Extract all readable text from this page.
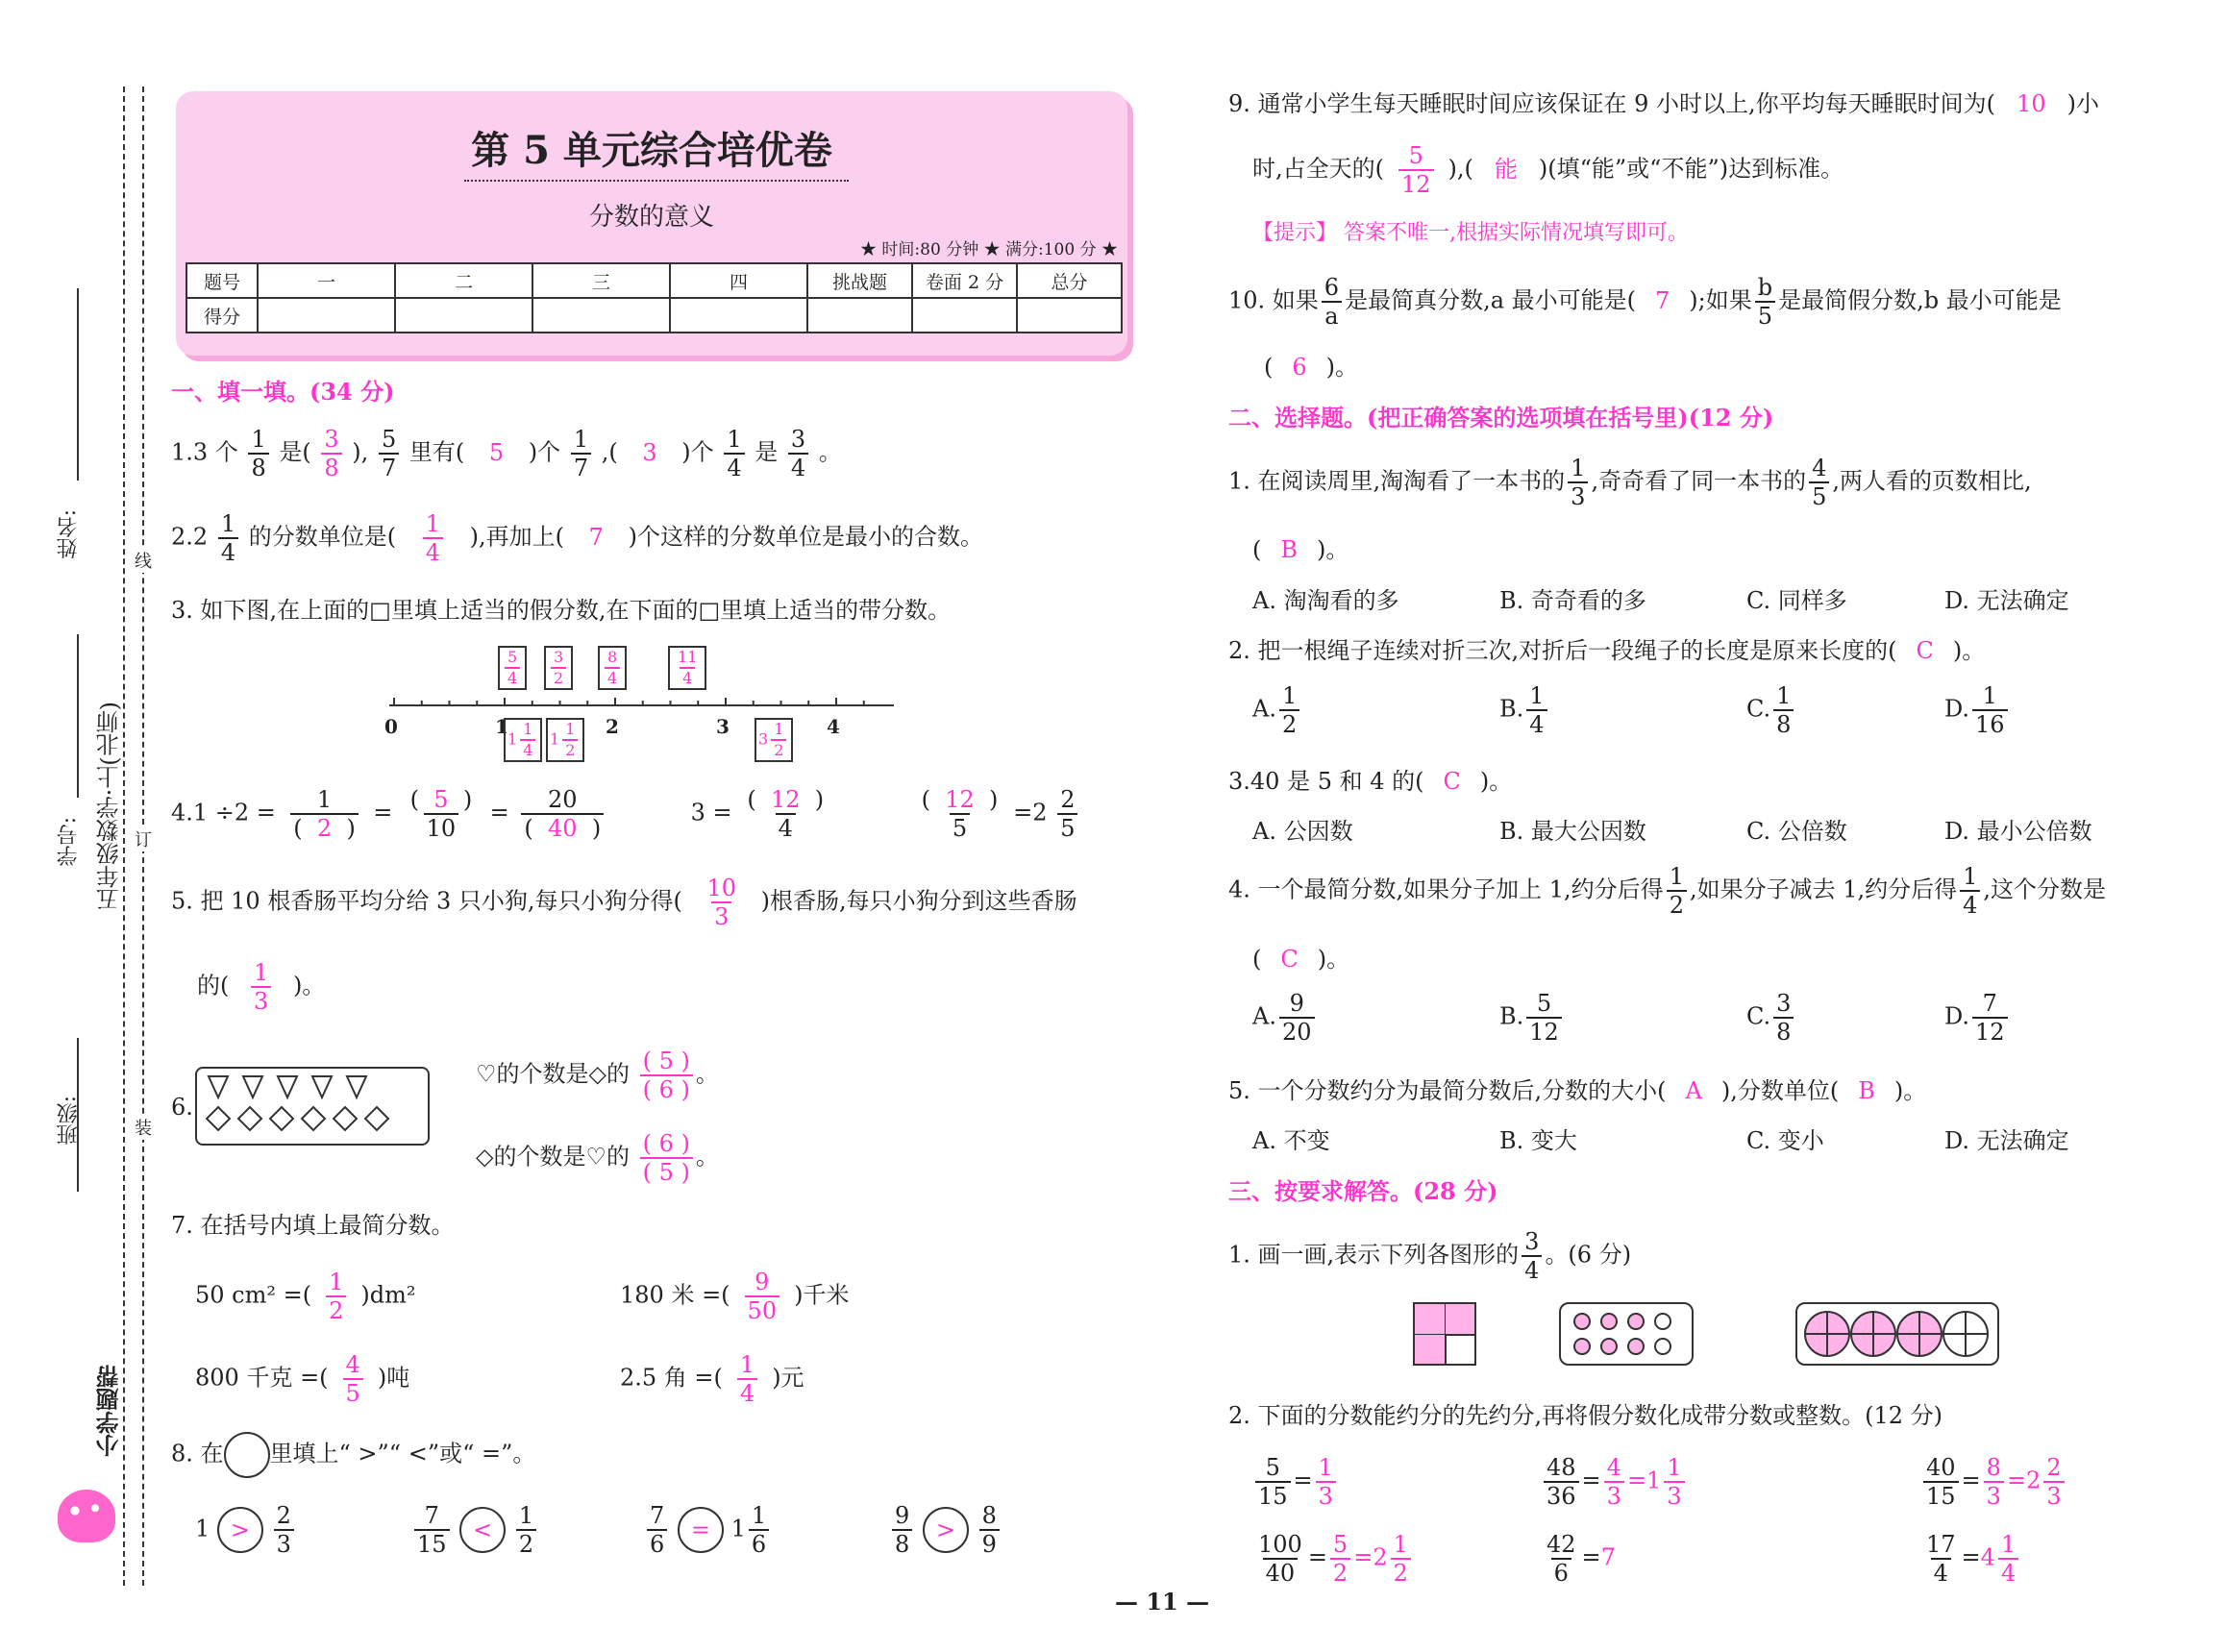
班级:
学号:
姓名:
五年级数学·上(北师)
小学题帮
装
订
线
第 5 单元综合培优卷
分数的意义
★ 时间:80 分钟 ★ 满分:100 分 ★
题号	一	二	三	四	挑战题	卷面 2 分	总分
得分							
一、填一填。(34 分)
1.3 个 $\frac{1}{8}$ 是( $\frac{3}{8}$ ), $\frac{5}{7}$ 里有( 5 )个 $\frac{1}{7}$ ,( 3 )个 $\frac{1}{4}$ 是 $\frac{3}{4}$ 。
$2.2 \frac{1}{4}$ 的分数单位是( $\frac{1}{4}$ ),再加上( 7 )个这样的分数单位是最小的合数。
3. 如下图,在上面的□里填上适当的假分数,在下面的□里填上适当的带分数。
0	1	2	3	4
$\frac{5}{4} \frac{3}{2} \frac{8}{4}$	$\frac{11}{4}$
$1 \frac{1}{4} 1 \frac{1}{2}$	$3 \frac{1}{2}$
$4.1 \div 2 = \frac{1}{( 2 )} = \frac{( 5 )}{10} = \frac{20}{( 40 )}$	$3 = \frac{( 12 )}{4}$
	$\frac{( 12 )}{5} =2 \frac{2}{5}$
5. 把 10 根香肠平均分给 3 只小狗,每只小狗分得( $\frac{10}{3}$ )根香肠,每只小狗分到这些香肠
的( $\frac{1}{3}$ )。
6.
♡的个数是◇的 $\frac{( 5 )}{( 6 )}$ 。
◇的个数是♡的 $\frac{( 6 )}{( 5 )}$ 。
7. 在括号内填上最简分数。
50 cm² =( $\frac{1}{2} )dm^2$	180 米 =( $\frac{9}{50}$ )千米
800 千克 =( $\frac{4}{5}$ )吨	2.5 角 =( $\frac{1}{4}$ )元
8. 在 里填上“ >”“ <”或“ =”。
$1 > \frac{2}{3}$	$\frac{7}{15} < \frac{1}{2}$	$\frac{7}{6} = 1 \frac{1}{6}$	$\frac{9}{8} > \frac{8}{9}$
9. 通常小学生每天睡眠时间应该保证在 9 小时以上,你平均每天睡眠时间为( 10 )小
时,占全天的( $\frac{5}{12}$ ),( 能 )(填“能”或“不能”)达到标准。
【提示】 答案不唯一,根据实际情况填写即可。
10. 如果 $\frac{6}{a}$ 是最简真分数,a 最小可能是( 7 );如果 $\frac{b}{5}$ 是最简假分数,b 最小可能是
( 6 )。
二、选择题。(把正确答案的选项填在括号里)(12 分)
1. 在阅读周里,淘淘看了一本书的 $\frac{1}{3}$ ,奇奇看了同一本书的 $\frac{4}{5}$ ,两人看的页数相比,
( B )。
A. 淘淘看的多	B. 奇奇看的多	C. 同样多	D. 无法确定
2. 把一根绳子连续对折三次,对折后一段绳子的长度是原来长度的( C )。
A. $\frac{1}{2}$	B. $\frac{1}{4}$	C. $\frac{1}{8}$	D. $\frac{1}{16}$
3.40 是 5 和 4 的( C )。
A. 公因数	B. 最大公因数	C. 公倍数	D. 最小公倍数
4. 一个最简分数,如果分子加上 1,约分后得 $\frac{1}{2}$ ,如果分子减去 1,约分后得 $\frac{1}{4}$ ,这个分数是
( C )。
A. $\frac{9}{20}$	B. $\frac{5}{12}$	C. $\frac{3}{8}$	D. $\frac{7}{12}$
5. 一个分数约分为最简分数后,分数的大小( A ),分数单位( B )。
A. 不变	B. 变大	C. 变小	D. 无法确定
三、按要求解答。(28 分)
1. 画一画,表示下列各图形的 $\frac{3}{4}$ 。(6 分)
2. 下面的分数能约分的先约分,再将假分数化成带分数或整数。(12 分)
$\frac{5}{15} = \frac{1}{3}$	$\frac{48}{36} = \frac{4}{3} =1 \frac{1}{3}$	$\frac{40}{15} = \frac{8}{3} =2 \frac{2}{3}$
$\frac{100}{40} = \frac{5}{2} =2 \frac{1}{2}$	$\frac{42}{6} =7$	$\frac{17}{4} =4 \frac{1}{4}$
— 11 —
